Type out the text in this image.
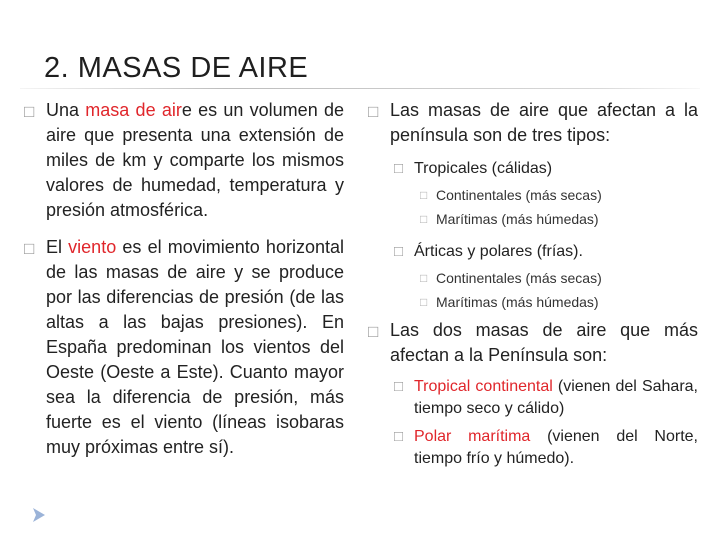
2. MASAS DE AIRE
□ Una masa de aire es un volumen de aire que presenta una extensión de miles de km y comparte los mismos valores de humedad, temperatura y presión atmosférica.
□ El viento es el movimiento horizontal de las masas de aire y se produce por las diferencias de presión (de las altas a las bajas presiones). En España predominan los vientos del Oeste (Oeste a Este). Cuanto mayor sea la diferencia de presión, más fuerte es el viento (líneas isobaras muy próximas entre sí).
□ Las masas de aire que afectan a la península son de tres tipos:
□ Tropicales (cálidas)
□ Continentales (más secas)
□ Marítimas (más húmedas)
□ Árticas y polares (frías).
□ Continentales (más secas)
□ Marítimas (más húmedas)
□ Las dos masas de aire que más afectan a la Península son:
□ Tropical continental (vienen del Sahara, tiempo seco y cálido)
□ Polar marítima (vienen del Norte, tiempo frío y húmedo).
